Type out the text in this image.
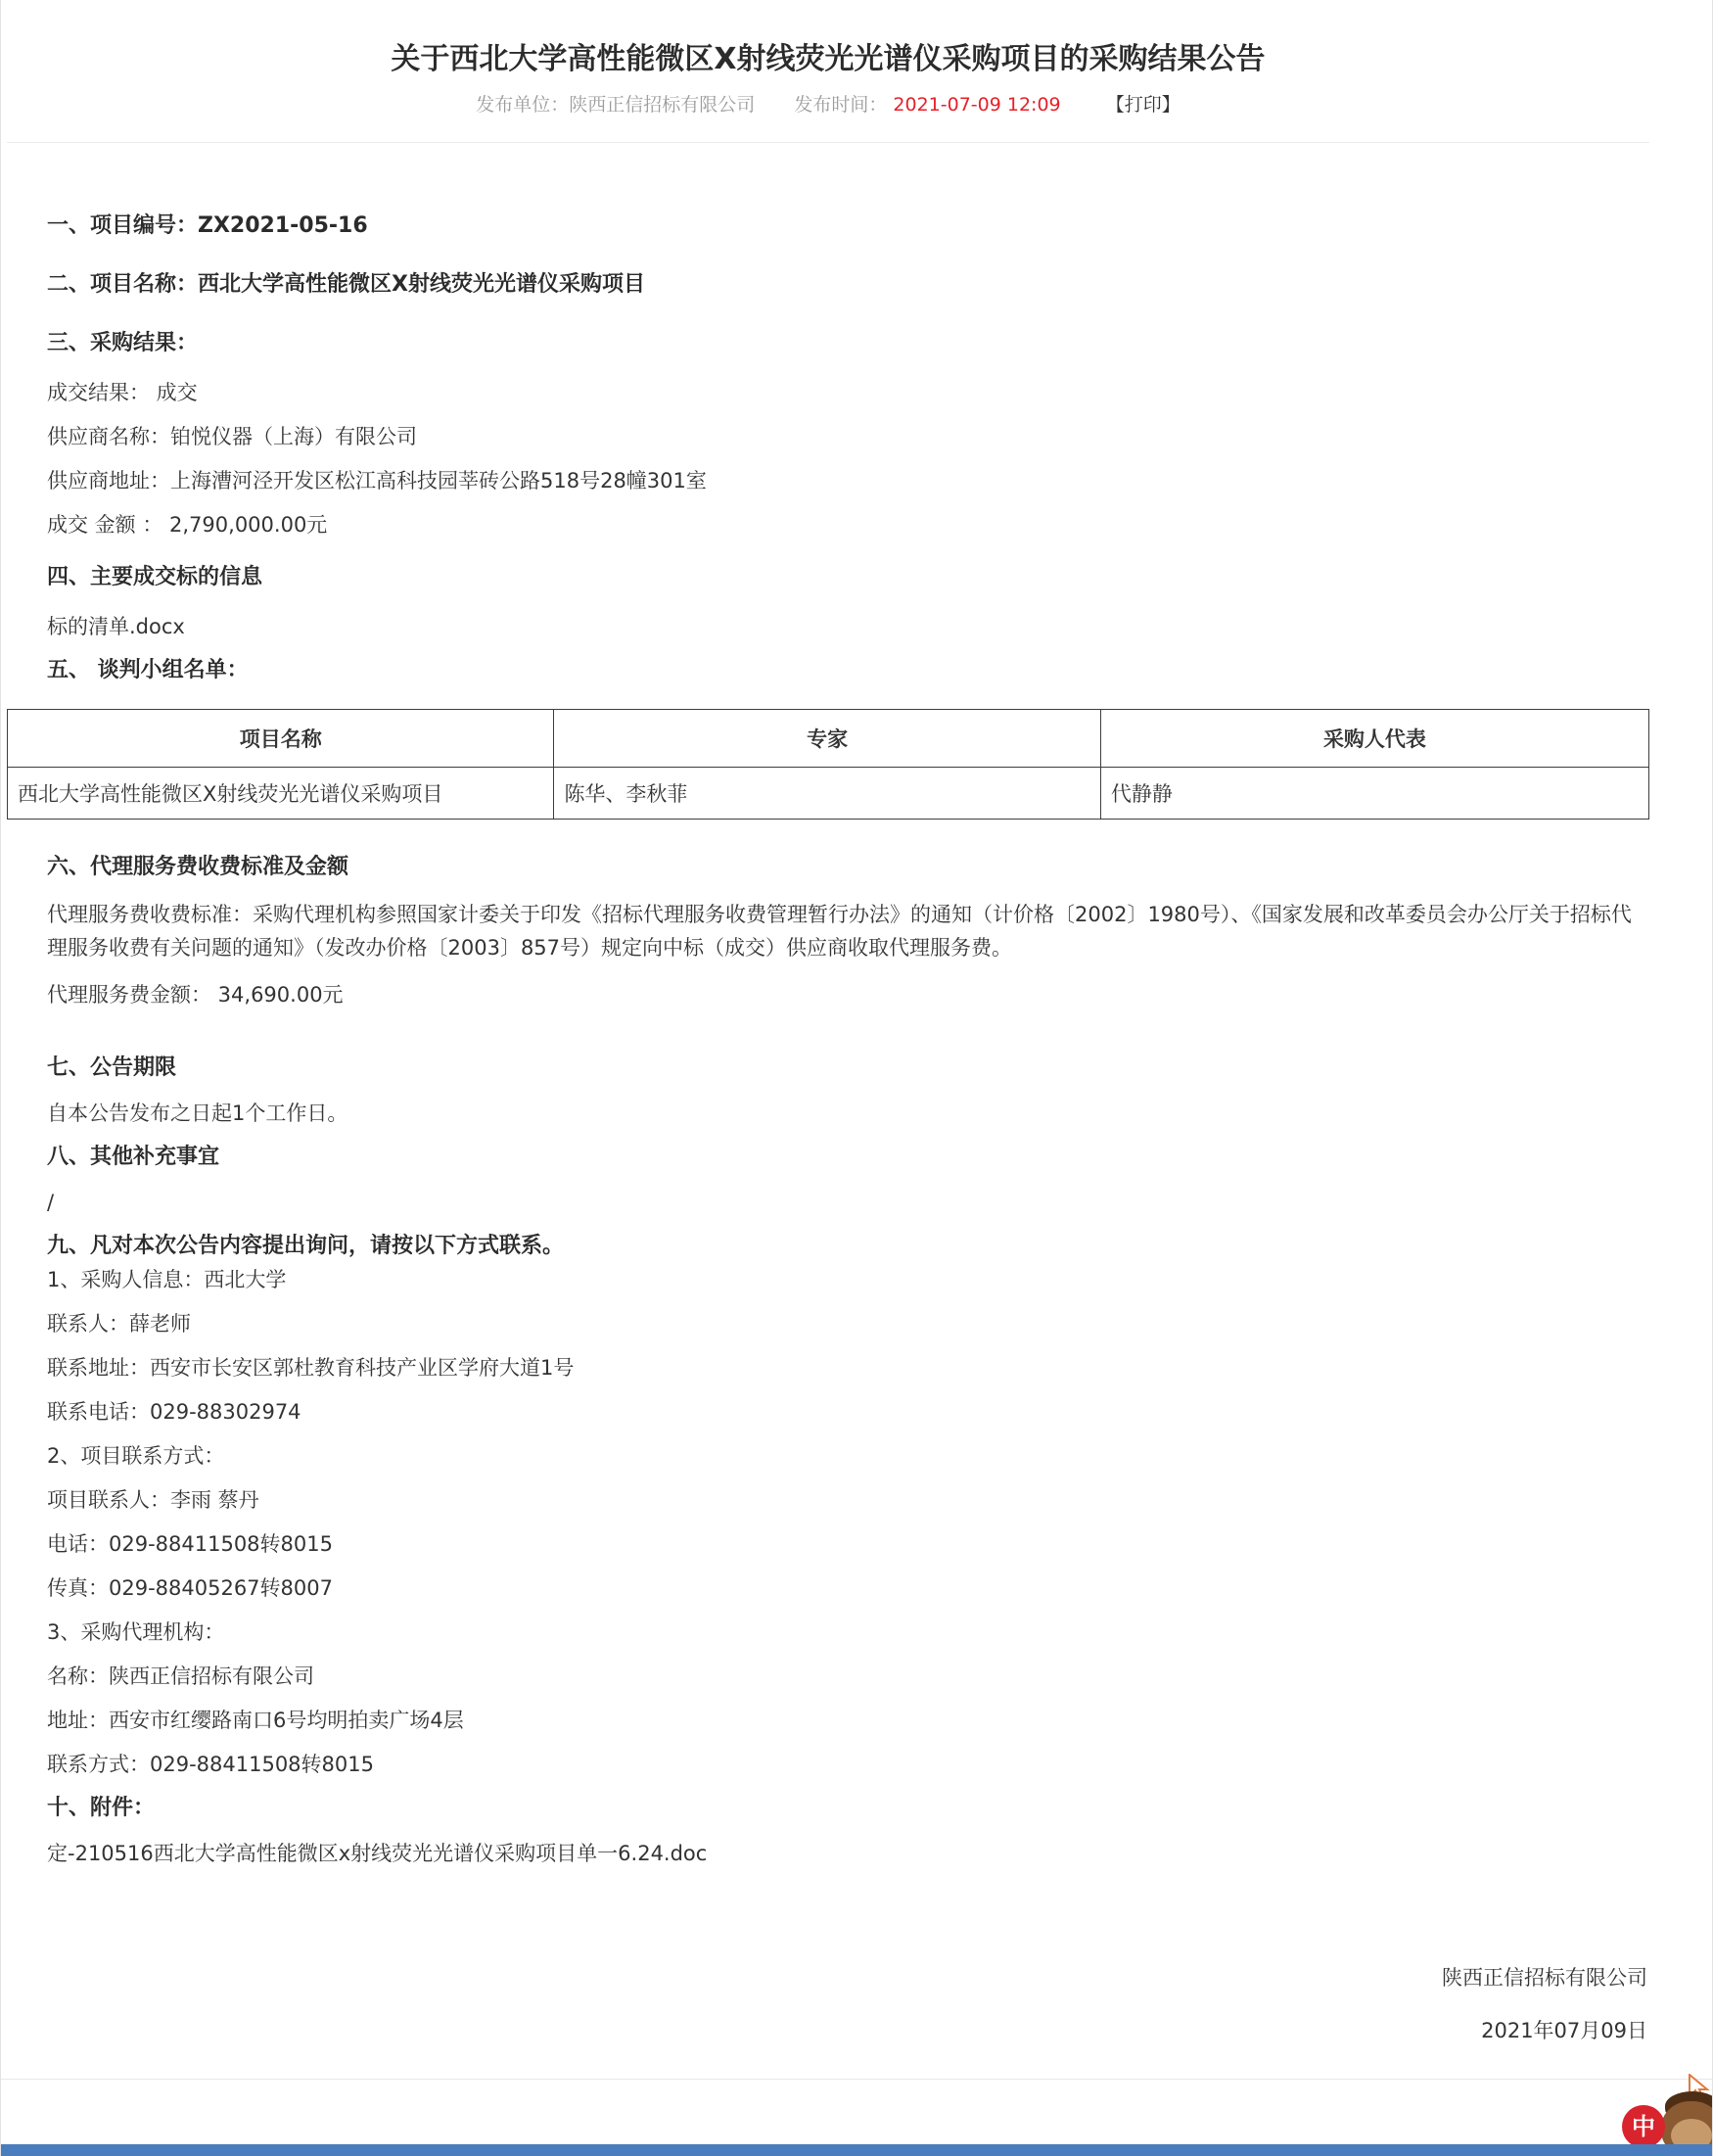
关于西北大学高性能微区X射线荧光光谱仪采购项目的采购结果公告
发布单位：陕西正信招标有限公司 发布时间： 2021-07-09 12:09 【打印】
一、项目编号：ZX2021-05-16
二、项目名称：西北大学高性能微区X射线荧光光谱仪采购项目
三、采购结果：

成交结果： 成交

供应商名称：铂悦仪器（上海）有限公司

供应商地址：上海漕河泾开发区松江高科技园莘砖公路518号28幢301室

成交 金额 ： 2,790,000.00元

四、主要成交标的信息

标的清单.docx

五、 谈判小组名单：
项目名称	专家	采购人代表
西北大学高性能微区X射线荧光光谱仪采购项目	陈华、李秋菲	代静静
六、代理服务费收费标准及金额

代理服务费收费标准：采购代理机构参照国家计委关于印发《招标代理服务收费管理暂行办法》的通知（计价格〔2002〕1980号）、《国家发展和改革委员会办公厅关于招标代理服务收费有关问题的通知》（发改办价格〔2003〕857号）规定向中标（成交）供应商收取代理服务费。

代理服务费金额： 34,690.00元

七、公告期限

自本公告发布之日起1个工作日。

八、其他补充事宜

/

九、凡对本次公告内容提出询问，请按以下方式联系。

1、采购人信息：西北大学

联系人：薛老师

联系地址：西安市长安区郭杜教育科技产业区学府大道1号

联系电话：029-88302974

2、项目联系方式：

项目联系人：李雨 蔡丹

电话：029-88411508转8015

传真：029-88405267转8007

3、采购代理机构：

名称：陕西正信招标有限公司

地址：西安市红缨路南口6号均明拍卖广场4层

联系方式：029-88411508转8015

十、附件：

定-210516西北大学高性能微区x射线荧光光谱仪采购项目单一6.24.doc

陕西正信招标有限公司
2021年07月09日
中
